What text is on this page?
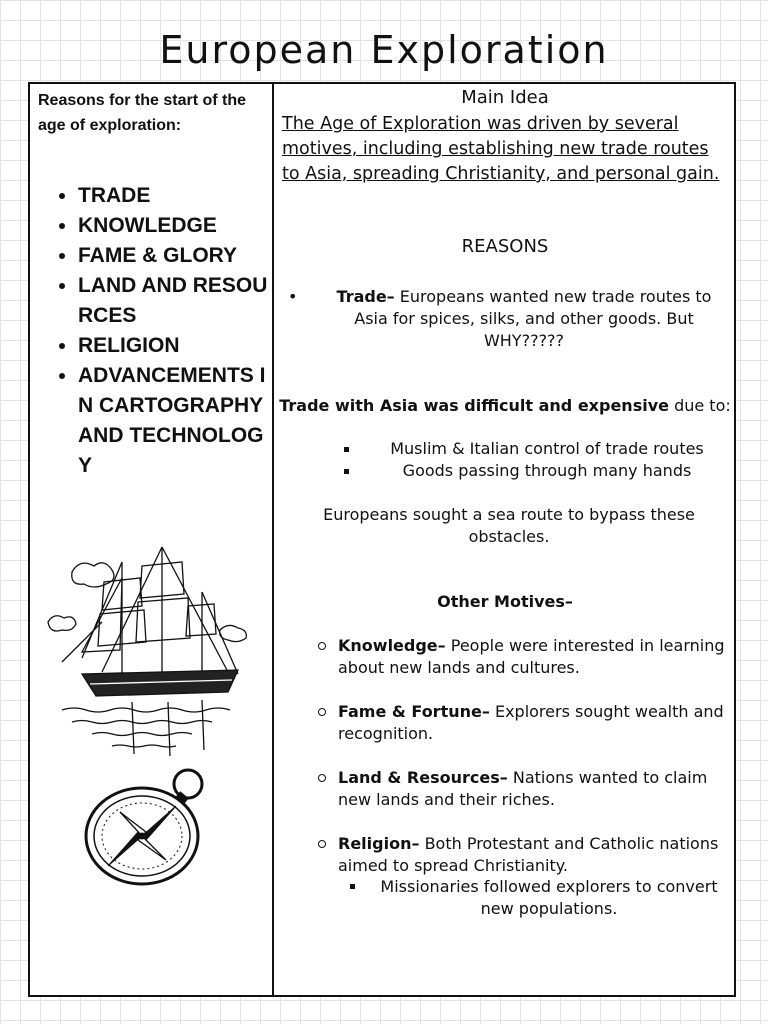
European Exploration
Reasons for the start of the age of exploration:
• TRADE
• KNOWLEDGE
• FAME & GLORY
• LAND AND RESOURCES
• RELIGION
• ADVANCEMENTS IN CARTOGRAPHY AND TECHNOLOGY
Main Idea
The Age of Exploration was driven by several motives, including establishing new trade routes to Asia, spreading Christianity, and personal gain.
REASONS
•	Trade– Europeans wanted new trade routes to Asia for spices, silks, and other goods. But WHY?????
Trade with Asia was difficult and expensive due to:
Muslim & Italian control of trade routes
Goods passing through many hands
Europeans sought a sea route to bypass these obstacles.
Other Motives–
Knowledge– People were interested in learning about new lands and cultures.
Fame & Fortune– Explorers sought wealth and recognition.
Land & Resources– Nations wanted to claim new lands and their riches.
Religion– Both Protestant and Catholic nations aimed to spread Christianity.
Missionaries followed explorers to convert new populations.
